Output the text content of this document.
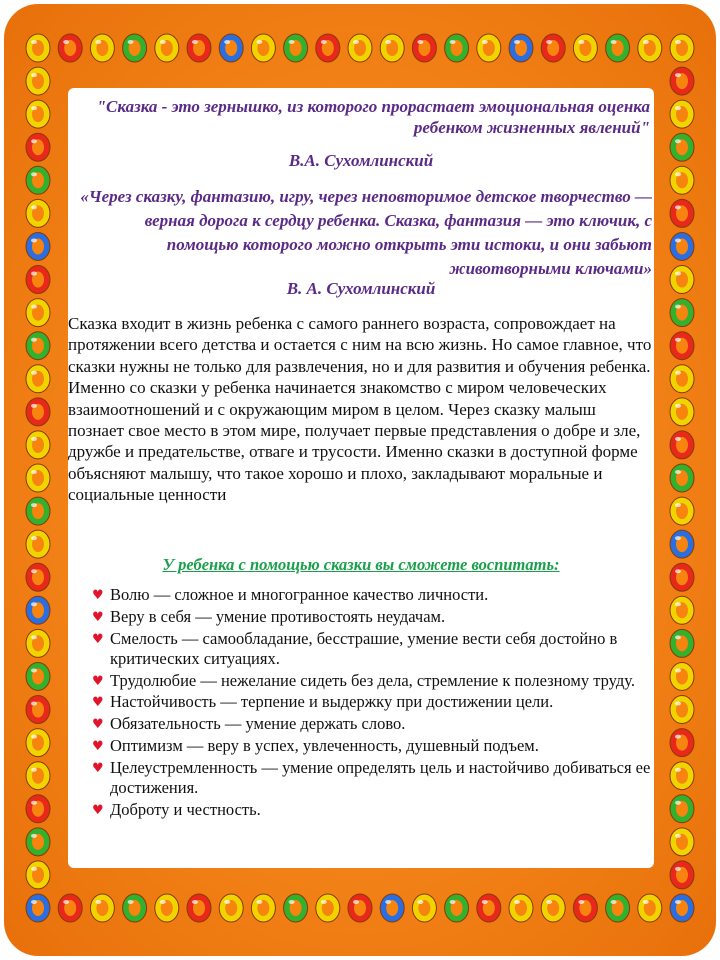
"Сказка - это зернышко, из которого прорастает эмоциональная оценка ребенком жизненных явлений"
В.А. Сухомлинский
«Через сказку, фантазию, игру, через неповторимое детское творчество — верная дорога к сердцу ребенка. Сказка, фантазия — это ключик, с помощью которого можно открыть эти истоки, и они забьют животворными ключами»
В. А. Сухомлинский
Сказка входит в жизнь ребенка с самого раннего возраста, сопровождает на протяжении всего детства и остается с ним на всю жизнь. Но самое главное, что сказки нужны не только для развлечения, но и для развития и обучения ребенка. Именно со сказки у ребенка начинается знакомство с миром человеческих взаимоотношений и с окружающим миром в целом. Через сказку малыш познает свое место в этом мире, получает первые представления о добре и зле, дружбе и предательстве, отваге и трусости. Именно сказки в доступной форме объясняют малышу, что такое хорошо и плохо, закладывают моральные и социальные ценности
У ребенка с помощью сказки вы сможете воспитать:
♥ Волю — сложное и многогранное качество личности.
♥ Веру в себя — умение противостоять неудачам.
♥ Смелость — самообладание, бесстрашие, умение вести себя достойно в критических ситуациях.
♥ Трудолюбие — нежелание сидеть без дела, стремление к полезному труду.
♥ Настойчивость — терпение и выдержку при достижении цели.
♥ Обязательность — умение держать слово.
♥ Оптимизм — веру в успех, увлеченность, душевный подъем.
♥ Целеустремленность — умение определять цель и настойчиво добиваться ее достижения.
♥ Доброту и честность.
